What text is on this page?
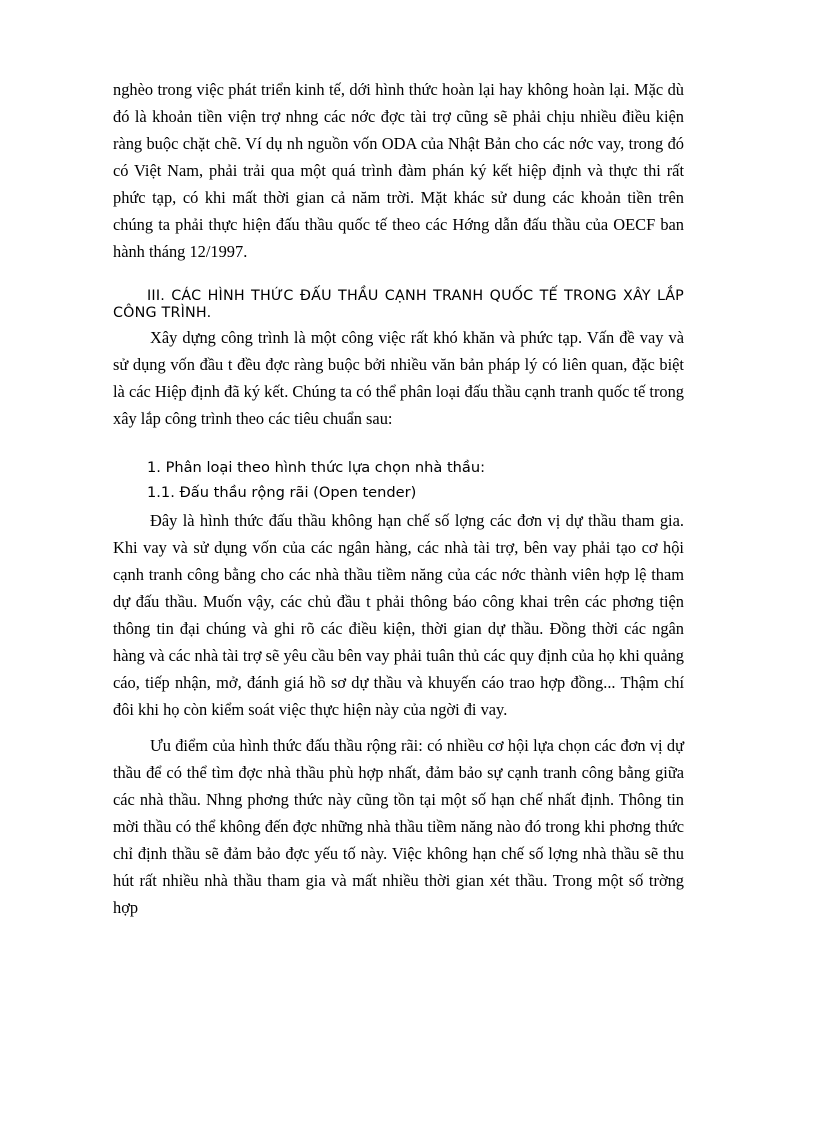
nghèo trong việc phát triển kinh tế, dới hình thức hoàn lại hay không hoàn lại. Mặc dù đó là khoản tiền viện trợ nhng các nớc đợc tài trợ cũng sẽ phải chịu nhiều điều kiện ràng buộc chặt chẽ. Ví dụ nh nguồn vốn ODA của Nhật Bản cho các nớc vay, trong đó có Việt Nam, phải trải qua một quá trình đàm phán ký kết hiệp định và thực thi rất phức tạp, có khi mất thời gian cả năm trời. Mặt khác sử dung các khoản tiền trên chúng ta phải thực hiện đấu thầu quốc tế theo các Hớng dẫn đấu thầu của OECF ban hành tháng 12/1997.

III. CÁC HÌNH THỨC ĐẤU THẦU CẠNH TRANH QUỐC TẾ TRONG XÂY LẮP CÔNG TRÌNH.

Xây dựng công trình là một công việc rất khó khăn và phức tạp. Vấn đề vay và sử dụng vốn đầu t đều đợc ràng buộc bởi nhiều văn bản pháp lý có liên quan, đặc biệt là các Hiệp định đã ký kết. Chúng ta có thể phân loại đấu thầu cạnh tranh quốc tế trong xây lắp công trình theo các tiêu chuẩn sau:

1. Phân loại theo hình thức lựa chọn nhà thầu:

1.1. Đấu thầu rộng rãi (Open tender)

Đây là hình thức đấu thầu không hạn chế số lợng các đơn vị dự thầu tham gia. Khi vay và sử dụng vốn của các ngân hàng, các nhà tài trợ, bên vay phải tạo cơ hội cạnh tranh công bằng cho các nhà thầu tiềm năng của các nớc thành viên hợp lệ tham dự đấu thầu. Muốn vậy, các chủ đầu t phải thông báo công khai trên các phơng tiện thông tin đại chúng và ghi rõ các điều kiện, thời gian dự thầu. Đồng thời các ngân hàng và các nhà tài trợ sẽ yêu cầu bên vay phải tuân thủ các quy định của họ khi quảng cáo, tiếp nhận, mở, đánh giá hồ sơ dự thầu và khuyến cáo trao hợp đồng... Thậm chí đôi khi họ còn kiểm soát việc thực hiện này của ngời đi vay.

Ưu điểm của hình thức đấu thầu rộng rãi: có nhiều cơ hội lựa chọn các đơn vị dự thầu để có thể tìm đợc nhà thầu phù hợp nhất, đảm bảo sự cạnh tranh công bằng giữa các nhà thầu. Nhng phơng thức này cũng tồn tại một số hạn chế nhất định. Thông tin mời thầu có thể không đến đợc những nhà thầu tiềm năng nào đó trong khi phơng thức chỉ định thầu sẽ đảm bảo đợc yếu tố này. Việc không hạn chế số lợng nhà thầu sẽ thu hút rất nhiều nhà thầu tham gia và mất nhiều thời gian xét thầu. Trong một số trờng hợp
